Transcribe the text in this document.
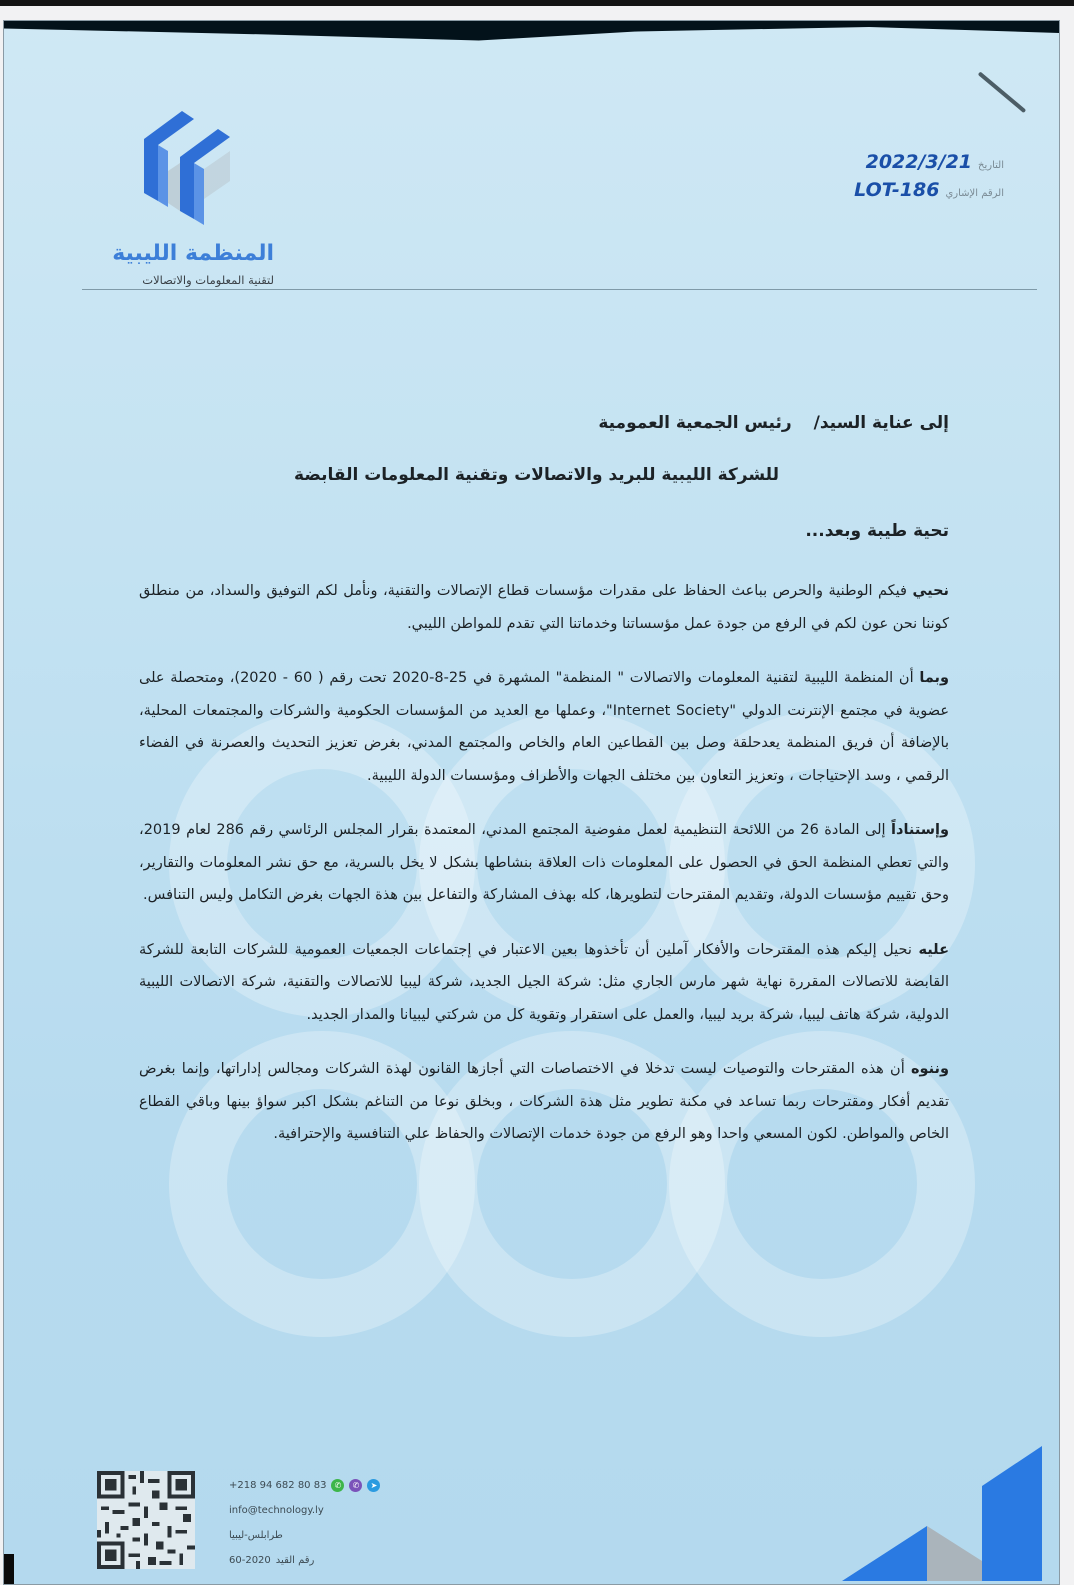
المنظمة الليبية
لتقنية المعلومات والاتصالات
التاريخ
2022/3/21
الرقم الإشاري
LOT-186

إلى عناية السيد/رئيس الجمعية العمومية

للشركة الليبية للبريد والاتصالات وتقنية المعلومات القابضة

تحية طيبة وبعد...

نحيي فيكم الوطنية والحرص بباعث الحفاظ على مقدرات مؤسسات قطاع الإتصالات والتقنية، ونأمل لكم التوفيق والسداد، من منطلق كوننا نحن عون لكم في الرفع من جودة عمل مؤسساتنا وخدماتنا التي تقدم للمواطن الليبي.

وبما أن المنظمة الليبية لتقنية المعلومات والاتصالات " المنظمة" المشهرة في 25-8-2020 تحت رقم ( 60 - 2020)، ومتحصلة على عضوية في مجتمع الإنترنت الدولي "Internet Society"، وعملها مع العديد من المؤسسات الحكومية والشركات والمجتمعات المحلية، بالإضافة أن فريق المنظمة يعدحلقة وصل بين القطاعين العام والخاص والمجتمع المدني، بغرض تعزيز التحديث والعصرنة في الفضاء الرقمي ، وسد الإحتياجات ، وتعزيز التعاون بين مختلف الجهات والأطراف ومؤسسات الدولة الليبية.

وإستناداً إلى المادة 26 من اللائحة التنظيمية لعمل مفوضية المجتمع المدني، المعتمدة بقرار المجلس الرئاسي رقم 286 لعام 2019، والتي تعطي المنظمة الحق في الحصول على المعلومات ذات العلاقة بنشاطها بشكل لا يخل بالسرية، مع حق نشر المعلومات والتقارير، وحق تقييم مؤسسات الدولة، وتقديم المقترحات لتطويرها، كله بهذف المشاركة والتفاعل بين هذة الجهات بغرض التكامل وليس التنافس.

عليه نحيل إليكم هذه المقترحات والأفكار آملين أن تأخذوها بعين الاعتبار في إجتماعات الجمعيات العمومية للشركات التابعة للشركة القابضة للاتصالات المقررة نهاية شهر مارس الجاري مثل: شركة الجيل الجديد، شركة ليبيا للاتصالات والتقنية، شركة الاتصالات الليبية الدولية، شركة هاتف ليبيا، شركة بريد ليبيا، والعمل على استقرار وتقوية كل من شركتي ليبيانا والمدار الجديد.

وننوه أن هذه المقترحات والتوصيات ليست تدخلا في الاختصاصات التي أجازها القانون لهذة الشركات ومجالس إداراتها، وإنما بغرض تقديم أفكار ومقترحات ربما تساعد في مكنة تطوير مثل هذة الشركات ، وبخلق نوعا من التناغم بشكل اكبر سواؤ بينها وباقي القطاع الخاص والمواطن. لكون المسعي واحدا وهو الرفع من جودة خدمات الإتصالات والحفاظ علي التنافسية والإحترافية.

+218 94 682 80 83	✆	✆	➤
info@technology.ly
طرابلس-ليبيا
رقم القيد
60-2020
